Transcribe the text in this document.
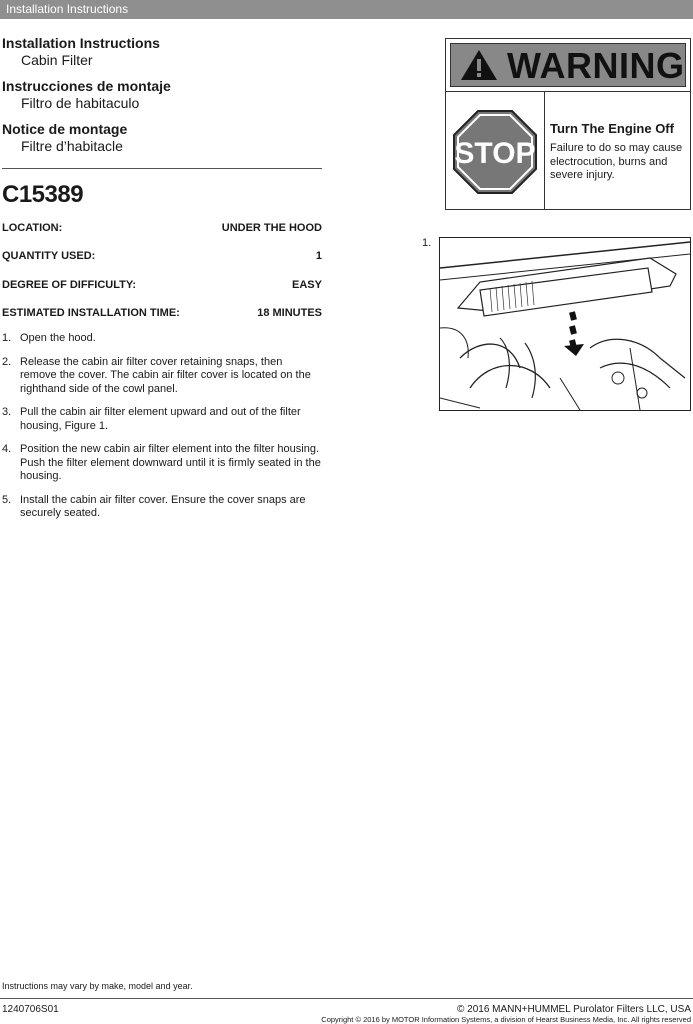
Installation Instructions
Installation Instructions
Cabin Filter
Instrucciones de montaje
Filtro de habitaculo
Notice de montage
Filtre d’habitacle
C15389
LOCATION:	UNDER THE HOOD
QUANTITY USED:	1
DEGREE OF DIFFICULTY:	EASY
ESTIMATED INSTALLATION TIME:	18 MINUTES
1. Open the hood.
2. Release the cabin air filter cover retaining snaps, then remove the cover. The cabin air filter cover is located on the righthand side of the cowl panel.
3. Pull the cabin air filter element upward and out of the filter housing, Figure 1.
4. Position the new cabin air filter element into the filter housing. Push the filter element downward until it is firmly seated in the housing.
5. Install the cabin air filter cover. Ensure the cover snaps are securely seated.
WARNING
STOP
Turn The Engine Off
Failure to do so may cause electrocution, burns and severe injury.
1.
Instructions may vary by make, model and year.
1240706S01	© 2016 MANN+HUMMEL Purolator Filters LLC, USA
Copyright © 2016 by MOTOR Information Systems, a division of Hearst Business Media, Inc. All rights reserved
